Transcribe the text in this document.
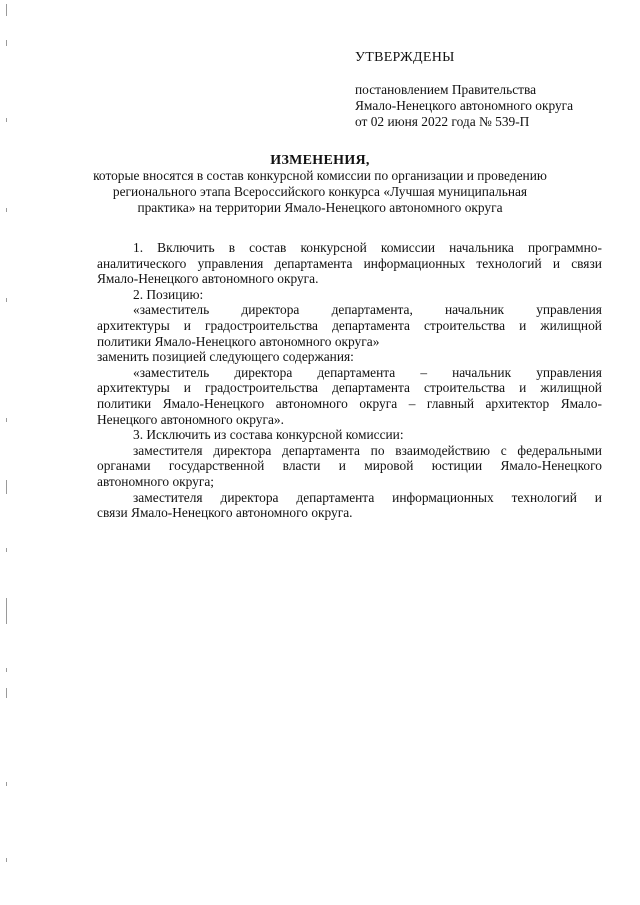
УТВЕРЖДЕНЫ
постановлением Правительства
Ямало-Ненецкого автономного округа
от 02 июня 2022 года № 539-П
ИЗМЕНЕНИЯ,
которые вносятся в состав конкурсной комиссии по организации и проведению
регионального этапа Всероссийского конкурса «Лучшая муниципальная
практика» на территории Ямало-Ненецкого автономного округа
1. Включить в состав конкурсной комиссии начальника программно-
аналитического управления департамента информационных технологий и связи
Ямало-Ненецкого автономного округа.
2. Позицию:
«заместитель директора департамента, начальник управления
архитектуры и градостроительства департамента строительства и жилищной
политики Ямало-Ненецкого автономного округа»
заменить позицией следующего содержания:
«заместитель директора департамента – начальник управления
архитектуры и градостроительства департамента строительства и жилищной
политики Ямало-Ненецкого автономного округа – главный архитектор Ямало-
Ненецкого автономного округа».
3. Исключить из состава конкурсной комиссии:
заместителя директора департамента по взаимодействию с федеральными
органами государственной власти и мировой юстиции Ямало-Ненецкого
автономного округа;
заместителя директора департамента информационных технологий и
связи Ямало-Ненецкого автономного округа.
